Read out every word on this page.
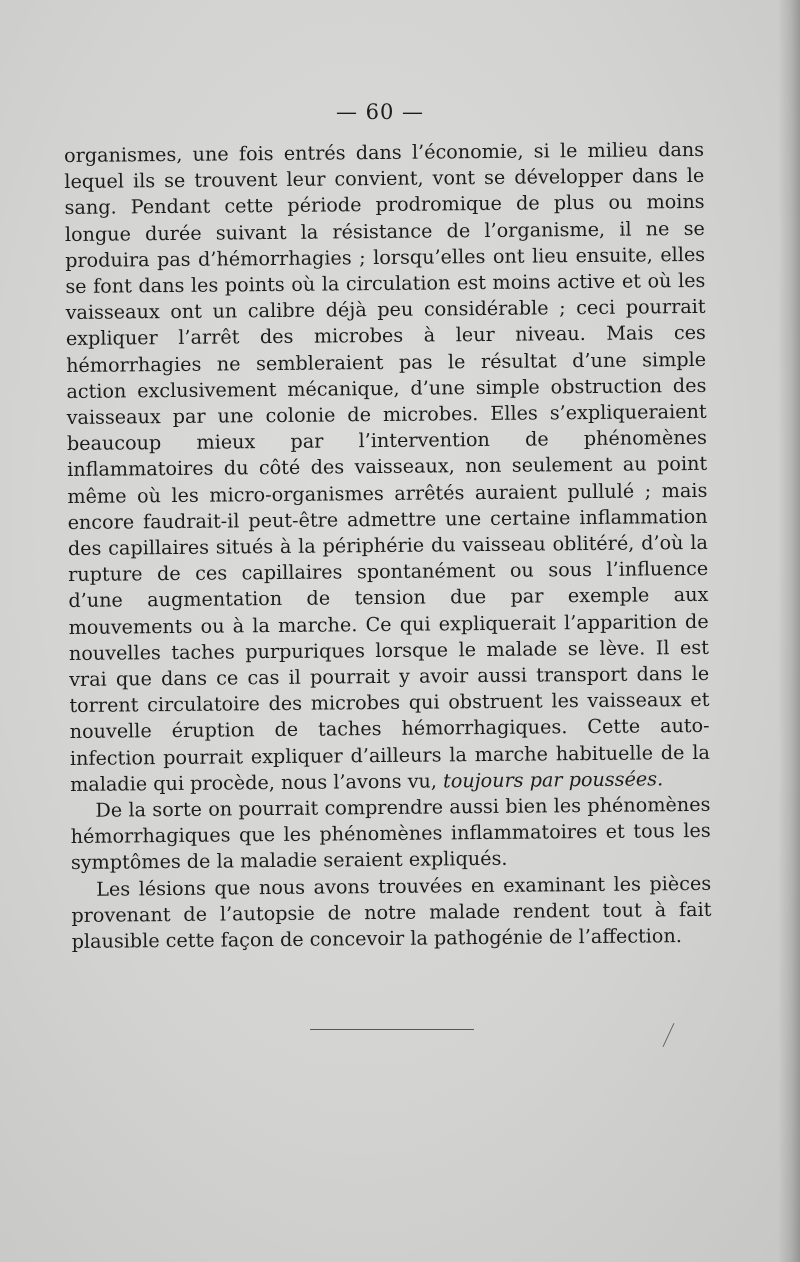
— 60 —

organismes, une fois entrés dans l’économie, si le milieu dans lequel ils se trouvent leur convient, vont se développer dans le sang. Pendant cette période prodromique de plus ou moins longue durée suivant la résistance de l’organisme, il ne se produira pas d’hémorrhagies ; lorsqu’elles ont lieu ensuite, elles se font dans les points où la circulation est moins active et où les vaisseaux ont un calibre déjà peu considérable ; ceci pourrait expliquer l’arrêt des microbes à leur niveau. Mais ces hémorrhagies ne sembleraient pas le résultat d’une simple action exclusivement mécanique, d’une simple obstruction des vaisseaux par une colonie de microbes. Elles s’expliqueraient beaucoup mieux par l’intervention de phénomènes inflammatoires du côté des vaisseaux, non seulement au point même où les micro-organismes arrêtés auraient pullulé ; mais encore faudrait-il peut-être admettre une certaine inflammation des capillaires situés à la périphérie du vaisseau oblitéré, d’où la rupture de ces capillaires spontanément ou sous l’influence d’une augmentation de tension due par exemple aux mouvements ou à la marche. Ce qui expliquerait l’apparition de nouvelles taches purpuriques lorsque le malade se lève. Il est vrai que dans ce cas il pourrait y avoir aussi transport dans le torrent circulatoire des microbes qui obstruent les vaisseaux et nouvelle éruption de taches hémorrhagiques. Cette auto-infection pourrait expliquer d’ailleurs la marche habituelle de la maladie qui procède, nous l’avons vu, toujours par poussées.

De la sorte on pourrait comprendre aussi bien les phénomènes hémorrhagiques que les phénomènes inflammatoires et tous les symptômes de la maladie seraient expliqués.

Les lésions que nous avons trouvées en examinant les pièces provenant de l’autopsie de notre malade rendent tout à fait plausible cette façon de concevoir la pathogénie de l’affection.
